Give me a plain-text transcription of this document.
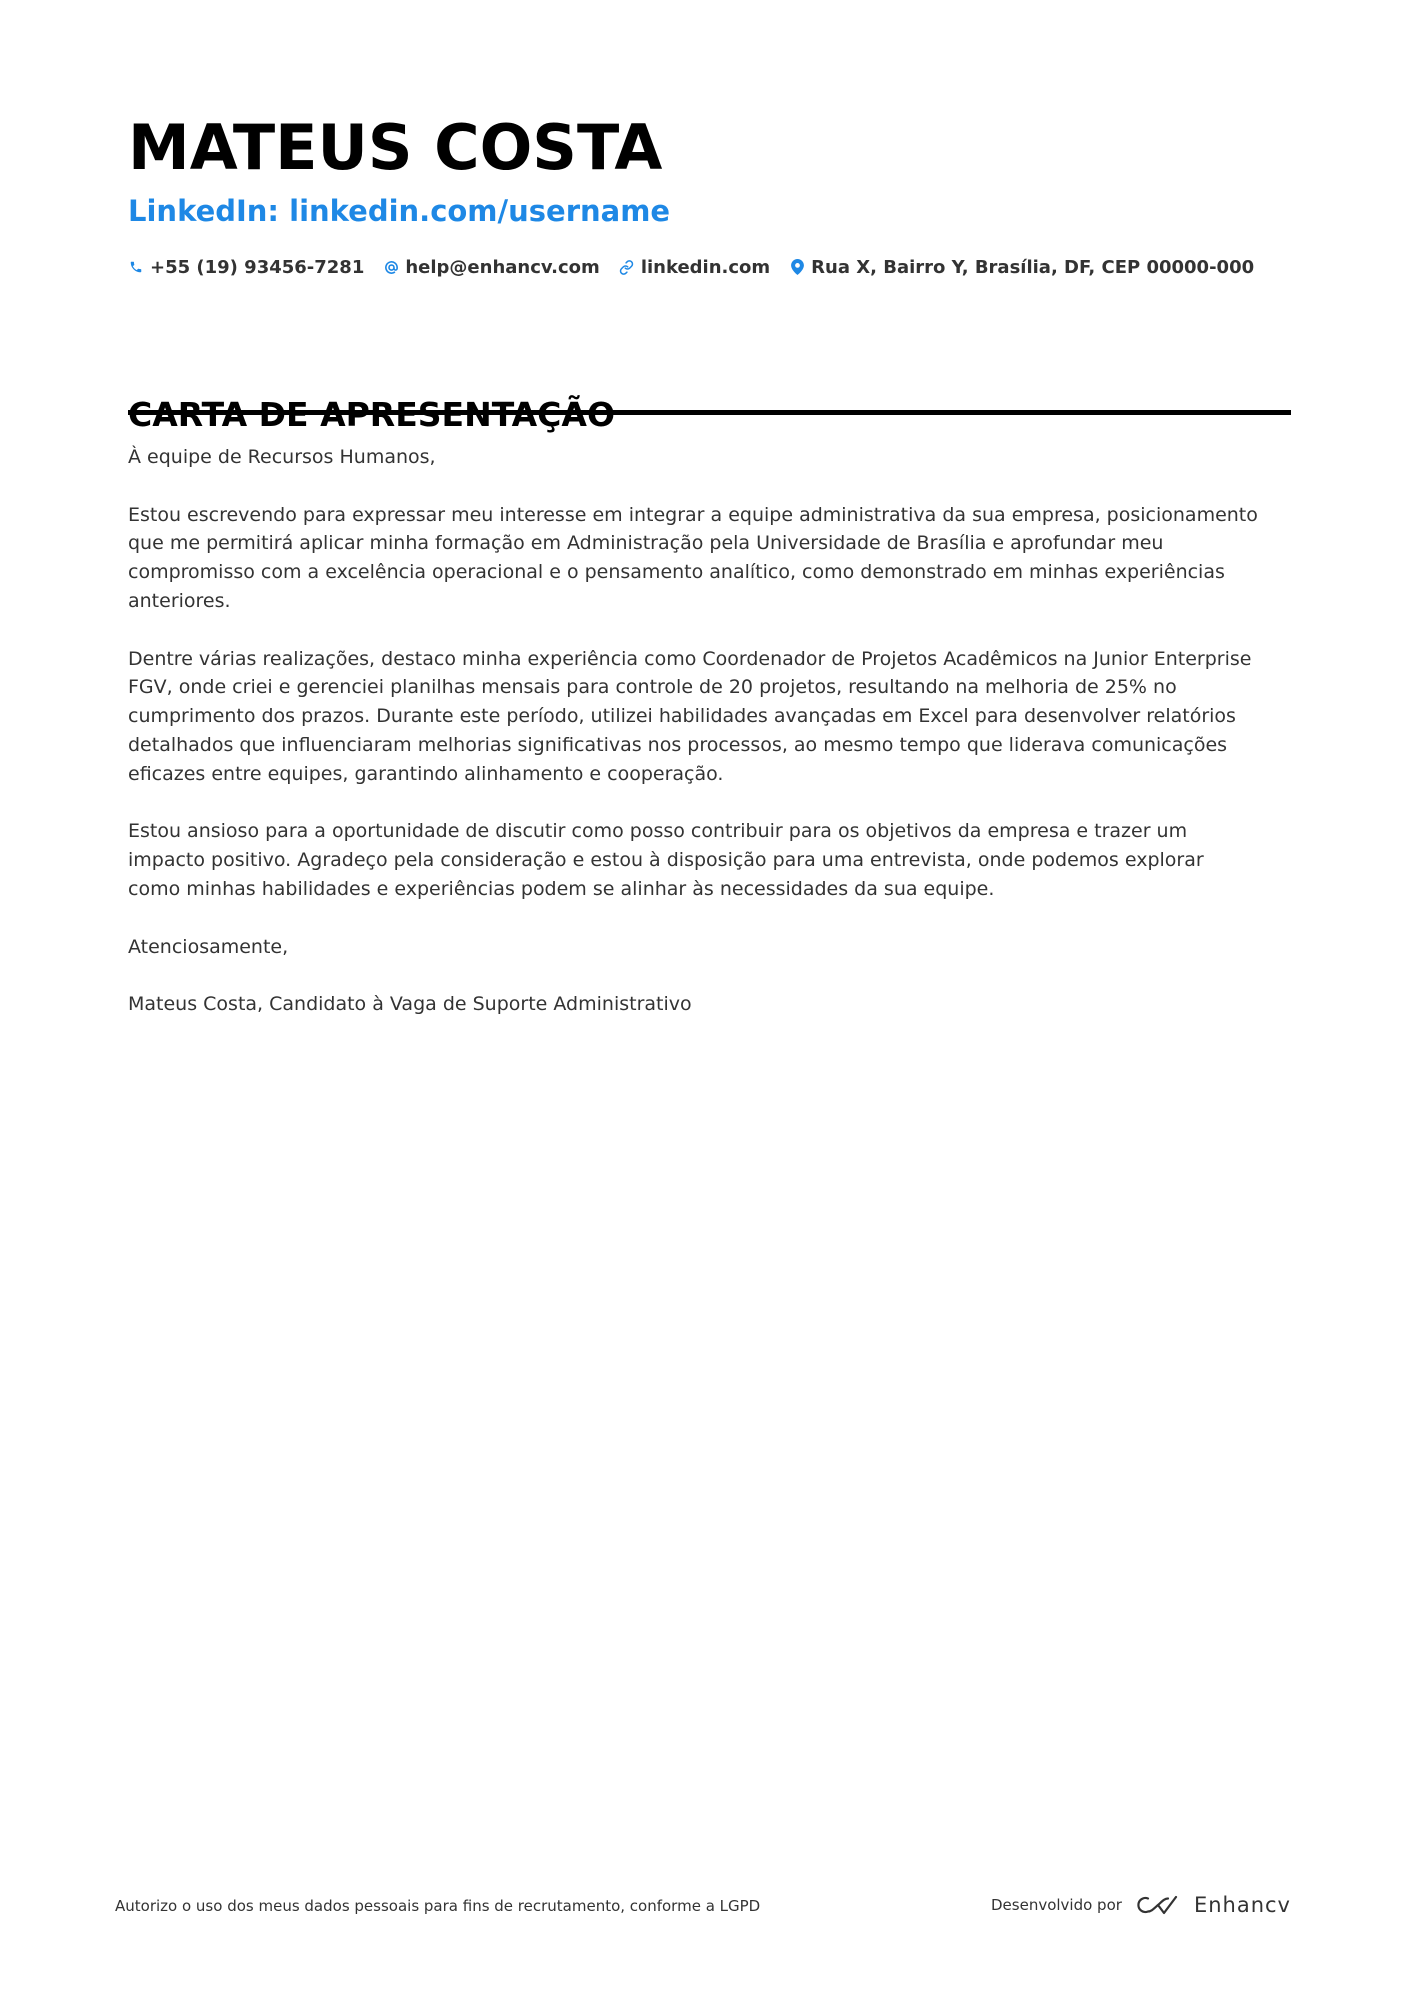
MATEUS COSTA
LinkedIn: linkedin.com/username
+55 (19) 93456-7281 help@enhancv.com linkedin.com Rua X, Bairro Y, Brasília, DF, CEP 00000-000

À equipe de Recursos Humanos,

Estou escrevendo para expressar meu interesse em integrar a equipe administrativa da sua empresa, posicionamento
que me permitirá aplicar minha formação em Administração pela Universidade de Brasília e aprofundar meu
compromisso com a excelência operacional e o pensamento analítico, como demonstrado em minhas experiências
anteriores.

Dentre várias realizações, destaco minha experiência como Coordenador de Projetos Acadêmicos na Junior Enterprise
FGV, onde criei e gerenciei planilhas mensais para controle de 20 projetos, resultando na melhoria de 25% no
cumprimento dos prazos. Durante este período, utilizei habilidades avançadas em Excel para desenvolver relatórios
detalhados que influenciaram melhorias significativas nos processos, ao mesmo tempo que liderava comunicações
eficazes entre equipes, garantindo alinhamento e cooperação.

Estou ansioso para a oportunidade de discutir como posso contribuir para os objetivos da empresa e trazer um
impacto positivo. Agradeço pela consideração e estou à disposição para uma entrevista, onde podemos explorar
como minhas habilidades e experiências podem se alinhar às necessidades da sua equipe.

Atenciosamente,

Mateus Costa, Candidato à Vaga de Suporte Administrativo

Autorizo o uso dos meus dados pessoais para fins de recrutamento, conforme a LGPD	Desenvolvido por	Enhancv
